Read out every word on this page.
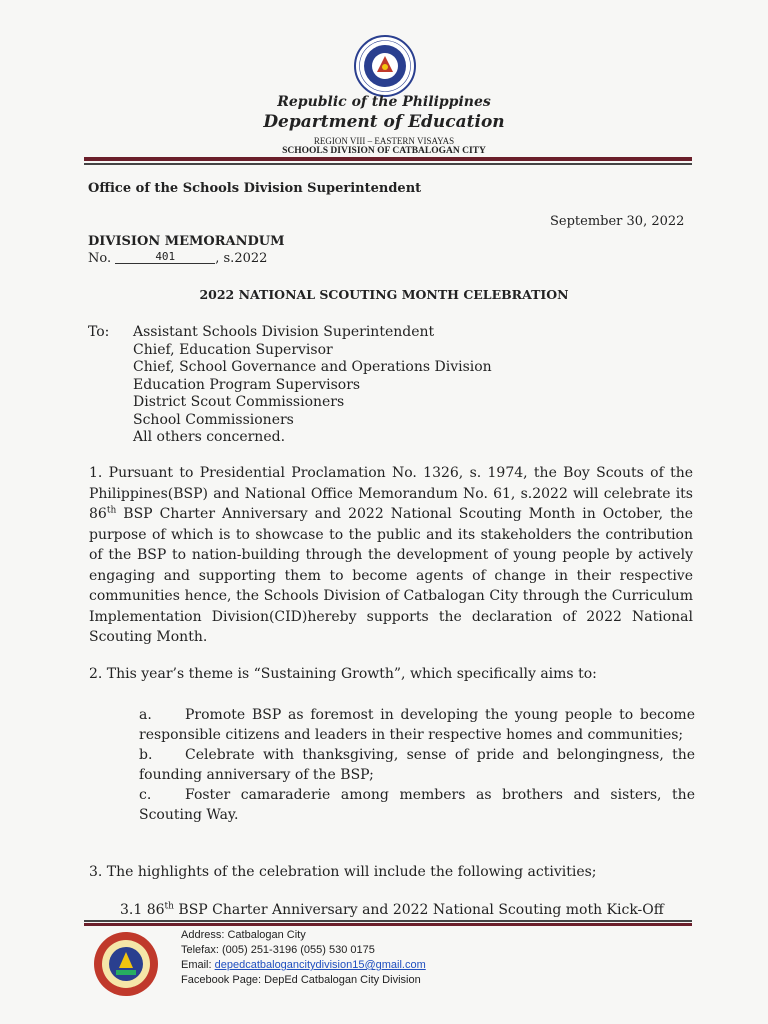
Republic of the Philippines
Department of Education
REGION VIII – EASTERN VISAYAS
SCHOOLS DIVISION OF CATBALOGAN CITY
Office of the Schools Division Superintendent
September 30, 2022
DIVISION MEMORANDUM
No.	401	, s.2022
2022 NATIONAL SCOUTING MONTH CELEBRATION
To: Assistant Schools Division Superintendent
Chief, Education Supervisor
Chief, School Governance and Operations Division
Education Program Supervisors
District Scout Commissioners
School Commissioners
All others concerned.
1. Pursuant to Presidential Proclamation No. 1326, s. 1974, the Boy Scouts of the Philippines(BSP) and National Office Memorandum No. 61, s.2022 will celebrate its 86th BSP Charter Anniversary and 2022 National Scouting Month in October, the purpose of which is to showcase to the public and its stakeholders the contribution of the BSP to nation-building through the development of young people by actively engaging and supporting them to become agents of change in their respective communities hence, the Schools Division of Catbalogan City through the Curriculum Implementation Division(CID)hereby supports the declaration of 2022 National Scouting Month.
2. This year’s theme is “Sustaining Growth”, which specifically aims to:
a. Promote BSP as foremost in developing the young people to become responsible citizens and leaders in their respective homes and communities;
b. Celebrate with thanksgiving, sense of pride and belongingness, the founding anniversary of the BSP;
c. Foster camaraderie among members as brothers and sisters, the Scouting Way.
3. The highlights of the celebration will include the following activities;
3.1 86th BSP Charter Anniversary and 2022 National Scouting moth Kick-Off
Address: Catbalogan City
Telefax: (005) 251-3196 (055) 530 0175
Email: depedcatbalogancitydivision15@gmail.com
Facebook Page: DepEd Catbalogan City Division
